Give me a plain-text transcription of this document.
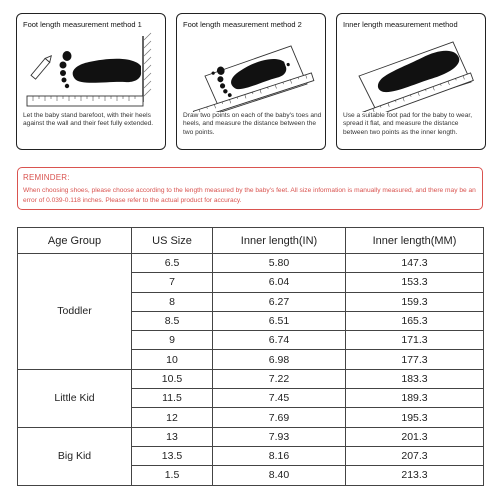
Foot length measurement method 1
Let the baby stand barefoot, with their heels against the wall and their feet fully extended.
Foot length measurement method 2
Draw two points on each of the baby's toes and heels, and measure the distance between the two points.
Inner length measurement method
Use a suitable foot pad for the baby to wear, spread it flat, and measure the distance between two points as the inner length.
REMINDER:
When choosing shoes, please choose according to the length measured by the baby's feet. All size information is manually measured, and there may be an error of 0.039-0.118 inches. Please refer to the actual product for accuracy.
Age Group	US Size	Inner length(IN)	Inner length(MM)
Toddler	6.5	5.80	147.3
	7	6.04	153.3
	8	6.27	159.3
	8.5	6.51	165.3
	9	6.74	171.3
	10	6.98	177.3
Little Kid	10.5	7.22	183.3
	11.5	7.45	189.3
	12	7.69	195.3
Big Kid	13	7.93	201.3
	13.5	8.16	207.3
	1.5	8.40	213.3
